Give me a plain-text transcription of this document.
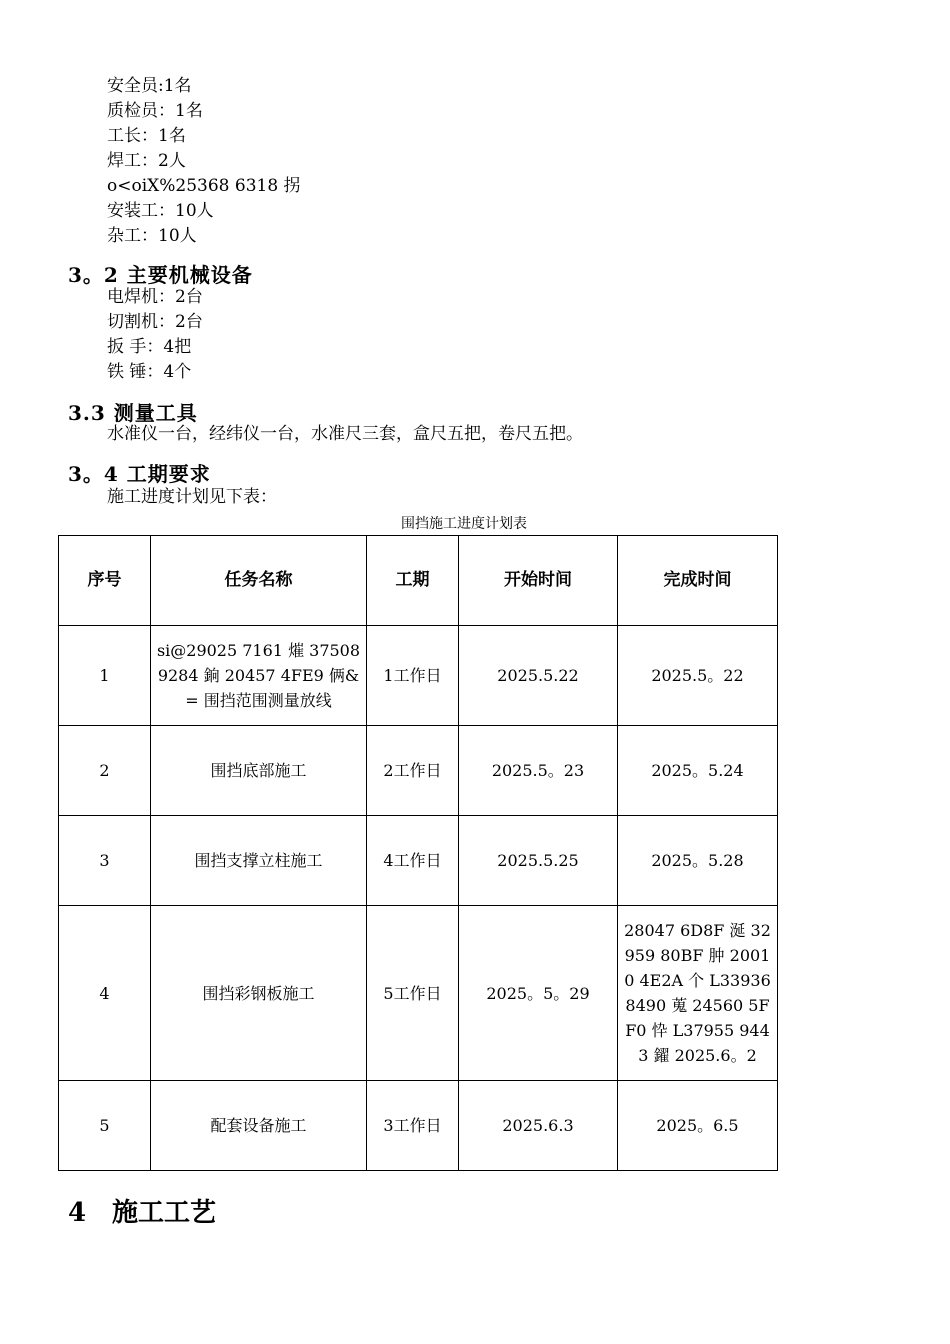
安全员:1名
质检员：1名
工长：1名
焊工：2人
o<oiX%25368 6318 拐
安装工：10人
杂工：10人
3。2 主要机械设备
电焊机：2台
切割机：2台
扳 手：4把
铁 锤：4个
3.3 测量工具
水准仪一台，经纬仪一台，水准尺三套，盒尺五把，卷尺五把。
3。4 工期要求
施工进度计划见下表：
围挡施工进度计划表
序号	任务名称	工期	开始时间	完成时间
1	si@29025 7161 熣 37508 9284 銄 20457 4FE9 俩&= 围挡范围测量放线	1工作日	2025.5.22	2025.5。22
2	围挡底部施工	2工作日	2025.5。23	2025。5.24
3	围挡支撑立柱施工	4工作日	2025.5.25	2025。5.28
4	围挡彩钢板施工	5工作日	2025。5。29	28047 6D8F 涎 32959 80BF 肿 20010 4E2A 个 L33936 8490 蒐 24560 5FF0 忰 L37955 9443 鑃 2025.6。2
5	配套设备施工	3工作日	2025.6.3	2025。6.5
4 施工工艺
